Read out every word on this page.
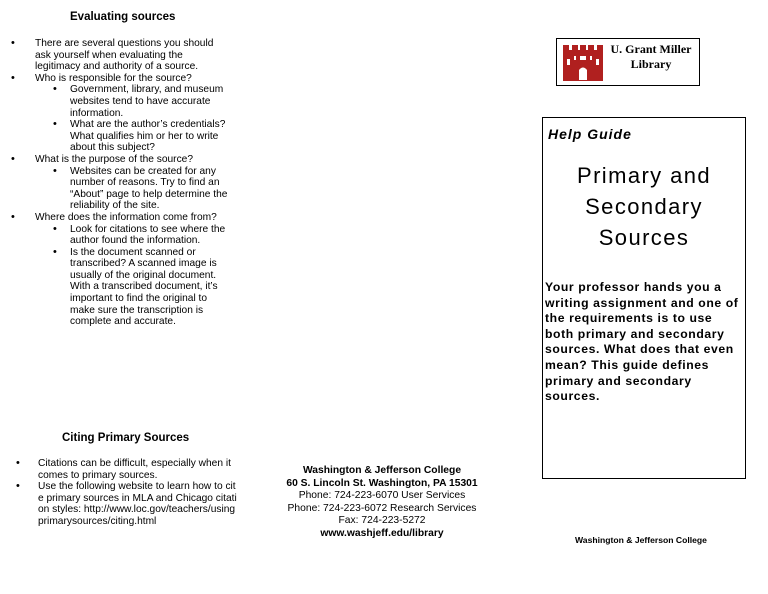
Evaluating sources
• There are several questions you should ask yourself when evaluating the legitimacy and authority of a source.
• Who is responsible for the source?
• Government, library, and museum websites tend to have accurate information.
• What are the author’s credentials? What qualifies him or her to write about this subject?
• What is the purpose of the source?
• Websites can be created for any number of reasons. Try to find an “About” page to help determine the reliability of the site.
• Where does the information come from?
• Look for citations to see where the author found the information.
• Is the document scanned or transcribed? A scanned image is usually of the original document. With a transcribed document, it’s important to find the original to make sure the transcription is complete and accurate.
Citing Primary Sources
• Citations can be difficult, especially when it comes to primary sources.
• Use the following website to learn how to cite primary sources in MLA and Chicago citation styles: http://www.loc.gov/teachers/usingprimarysources/citing.html
Washington & Jefferson College
60 S. Lincoln St. Washington, PA 15301
Phone: 724-223-6070 User Services
Phone: 724-223-6072 Research Services
Fax: 724-223-5272
www.washjeff.edu/library
U. Grant Miller
Library
Help Guide
Primary and
Secondary
Sources
Your professor hands you a writing assignment and one of the requirements is to use both primary and secondary sources. What does that even mean? This guide defines primary and secondary sources.
Washington & Jefferson College
